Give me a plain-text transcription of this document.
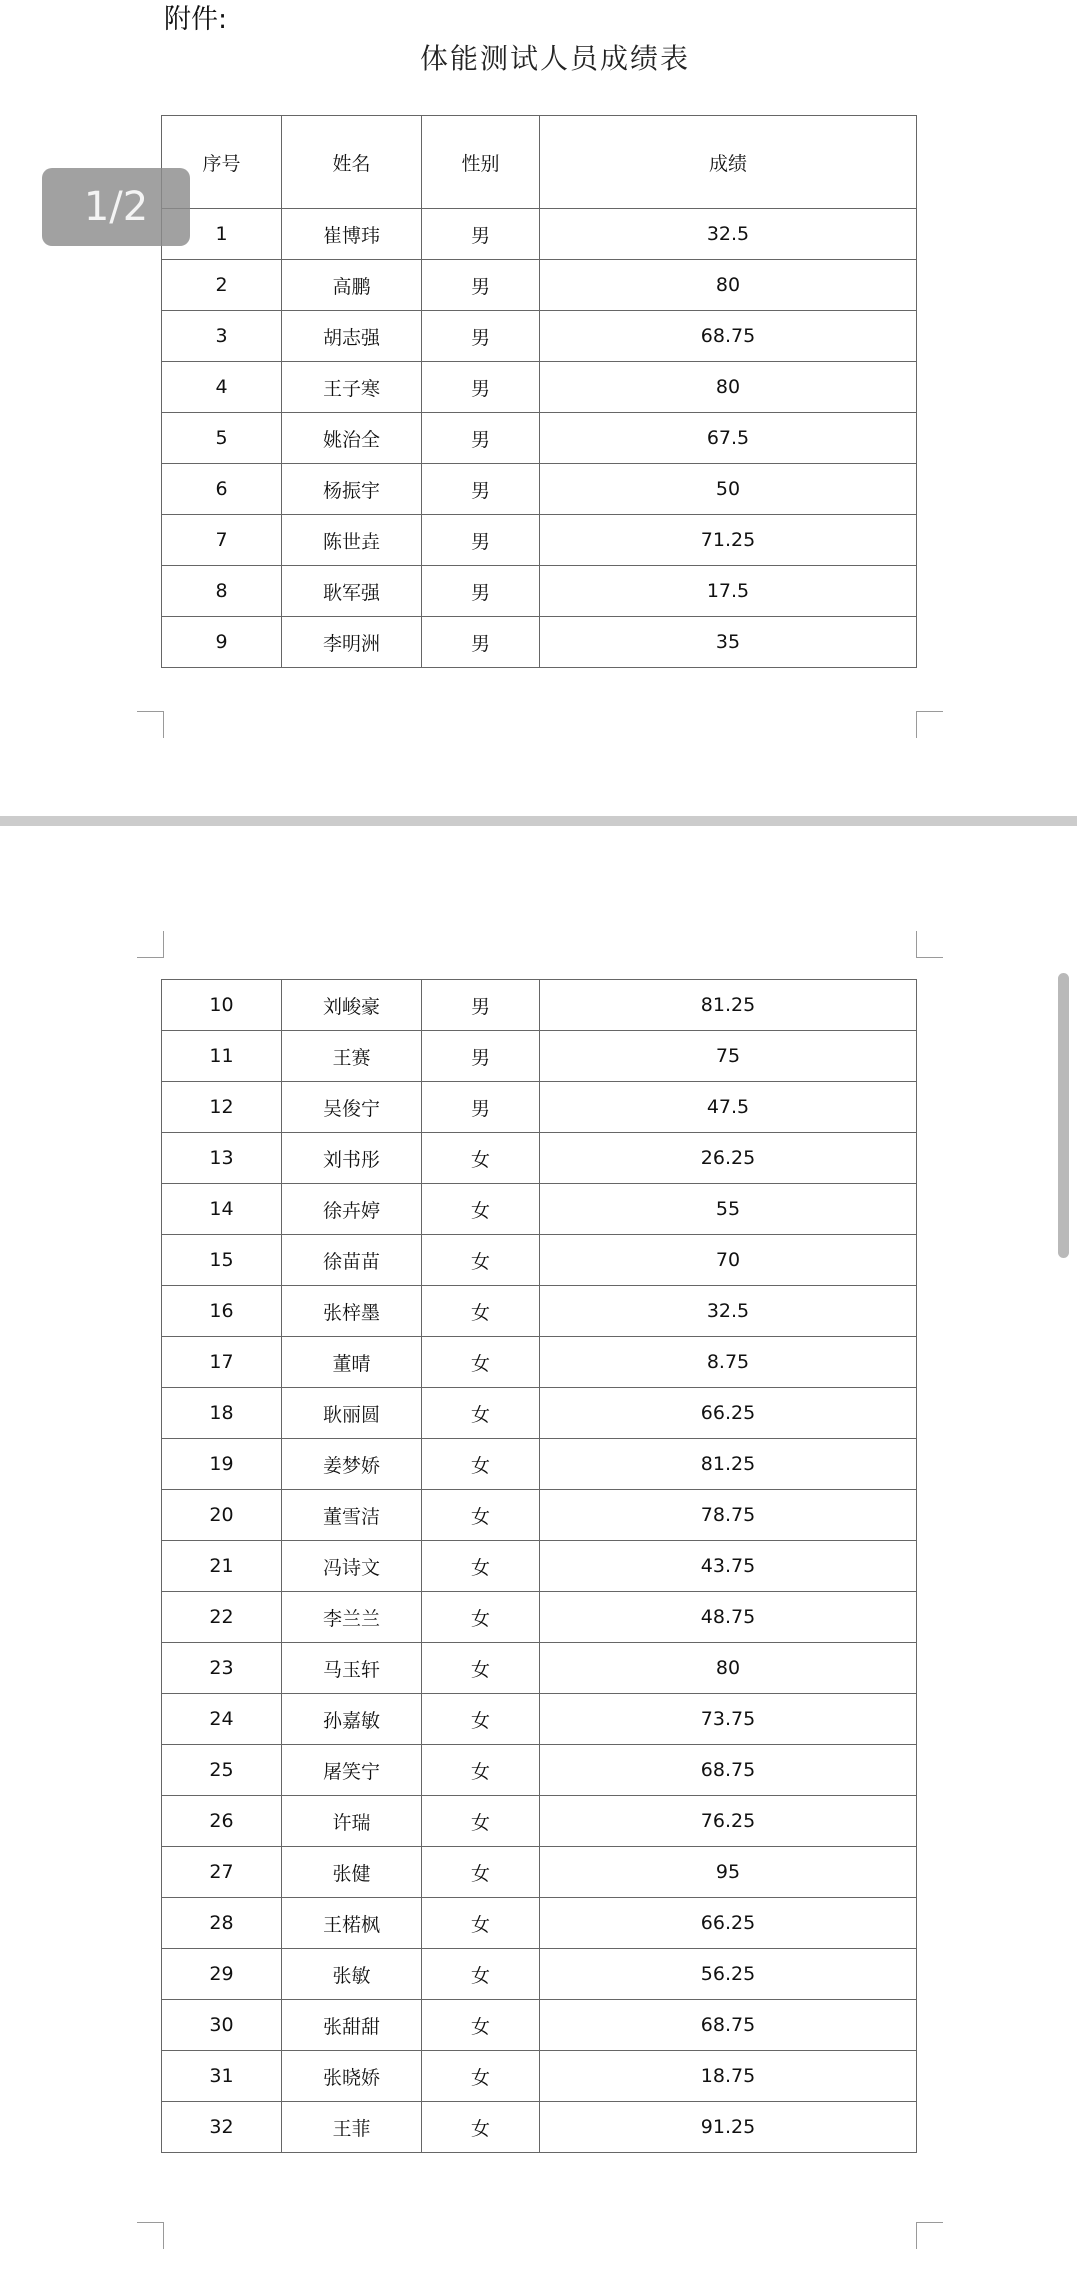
附件:
体能测试人员成绩表
序号	姓名	性别	成绩
1	崔博玮	男	32.5
2	高鹏	男	80
3	胡志强	男	68.75
4	王子寒	男	80
5	姚治全	男	67.5
6	杨振宇	男	50
7	陈世垚	男	71.25
8	耿军强	男	17.5
9	李明洲	男	35
10	刘峻豪	男	81.25
11	王赛	男	75
12	吴俊宁	男	47.5
13	刘书彤	女	26.25
14	徐卉婷	女	55
15	徐苗苗	女	70
16	张梓墨	女	32.5
17	董晴	女	8.75
18	耿丽圆	女	66.25
19	姜梦娇	女	81.25
20	董雪洁	女	78.75
21	冯诗文	女	43.75
22	李兰兰	女	48.75
23	马玉轩	女	80
24	孙嘉敏	女	73.75
25	屠笑宁	女	68.75
26	许瑞	女	76.25
27	张健	女	95
28	王楉枫	女	66.25
29	张敏	女	56.25
30	张甜甜	女	68.75
31	张晓娇	女	18.75
32	王菲	女	91.25
1/2
